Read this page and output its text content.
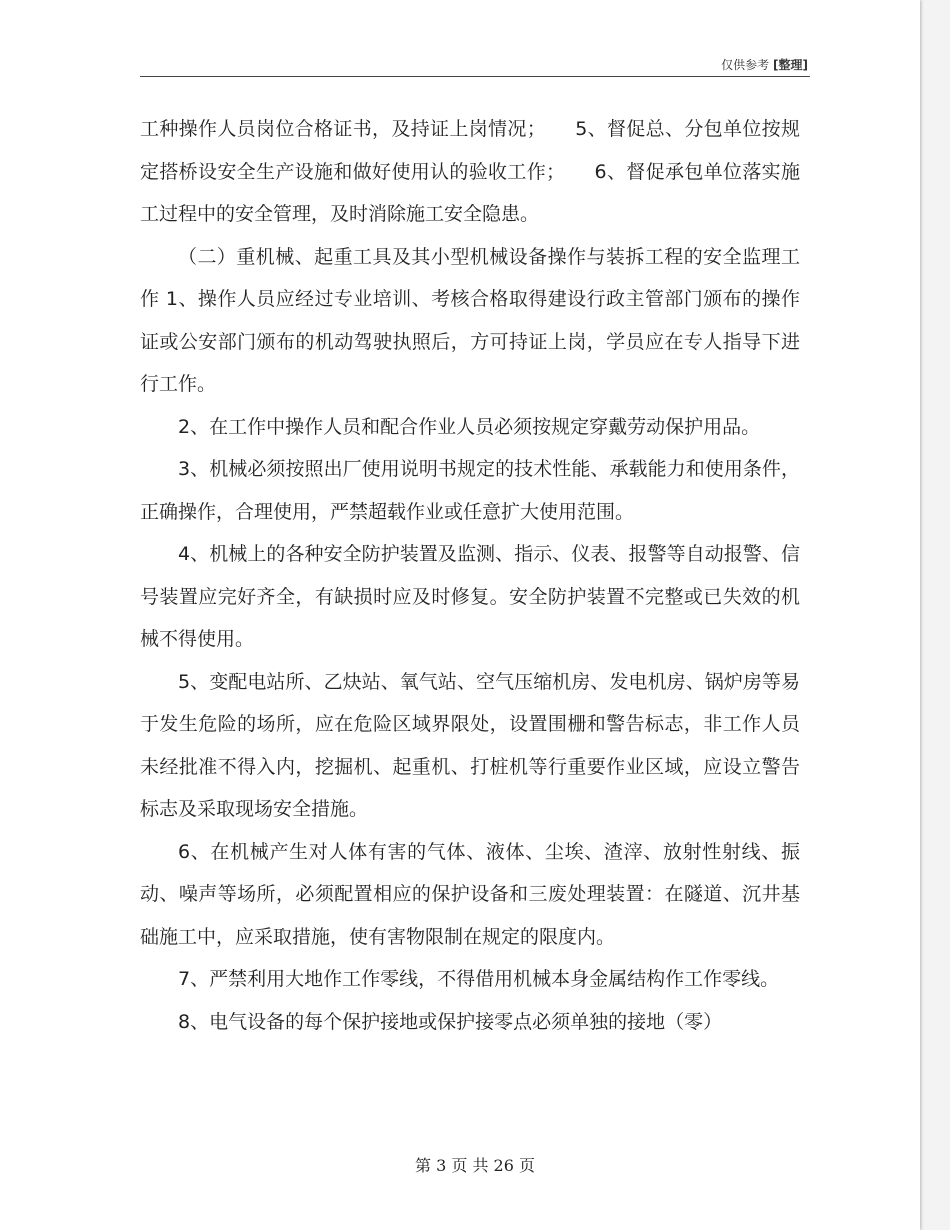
仅供参考 [整理]

工种操作人员岗位合格证书，及持证上岗情况；　　5、督促总、分包单位按规定搭桥设安全生产设施和做好使用认的验收工作；　　6、督促承包单位落实施工过程中的安全管理，及时消除施工安全隐患。

（二）重机械、起重工具及其小型机械设备操作与装拆工程的安全监理工作 1、操作人员应经过专业培训、考核合格取得建设行政主管部门颁布的操作证或公安部门颁布的机动驾驶执照后，方可持证上岗，学员应在专人指导下进行工作。

2、在工作中操作人员和配合作业人员必须按规定穿戴劳动保护用品。

3、机械必须按照出厂使用说明书规定的技术性能、承载能力和使用条件，正确操作，合理使用，严禁超载作业或任意扩大使用范围。

4、机械上的各种安全防护装置及监测、指示、仪表、报警等自动报警、信号装置应完好齐全，有缺损时应及时修复。安全防护装置不完整或已失效的机械不得使用。

5、变配电站所、乙炔站、氧气站、空气压缩机房、发电机房、锅炉房等易于发生危险的场所，应在危险区域界限处，设置围栅和警告标志，非工作人员未经批准不得入内，挖掘机、起重机、打桩机等行重要作业区域，应设立警告标志及采取现场安全措施。

6、在机械产生对人体有害的气体、液体、尘埃、渣滓、放射性射线、振动、噪声等场所，必须配置相应的保护设备和三废处理装置：在隧道、沉井基础施工中，应采取措施，使有害物限制在规定的限度内。

7、严禁利用大地作工作零线，不得借用机械本身金属结构作工作零线。

8、电气设备的每个保护接地或保护接零点必须单独的接地（零）

第 3 页 共 26 页
